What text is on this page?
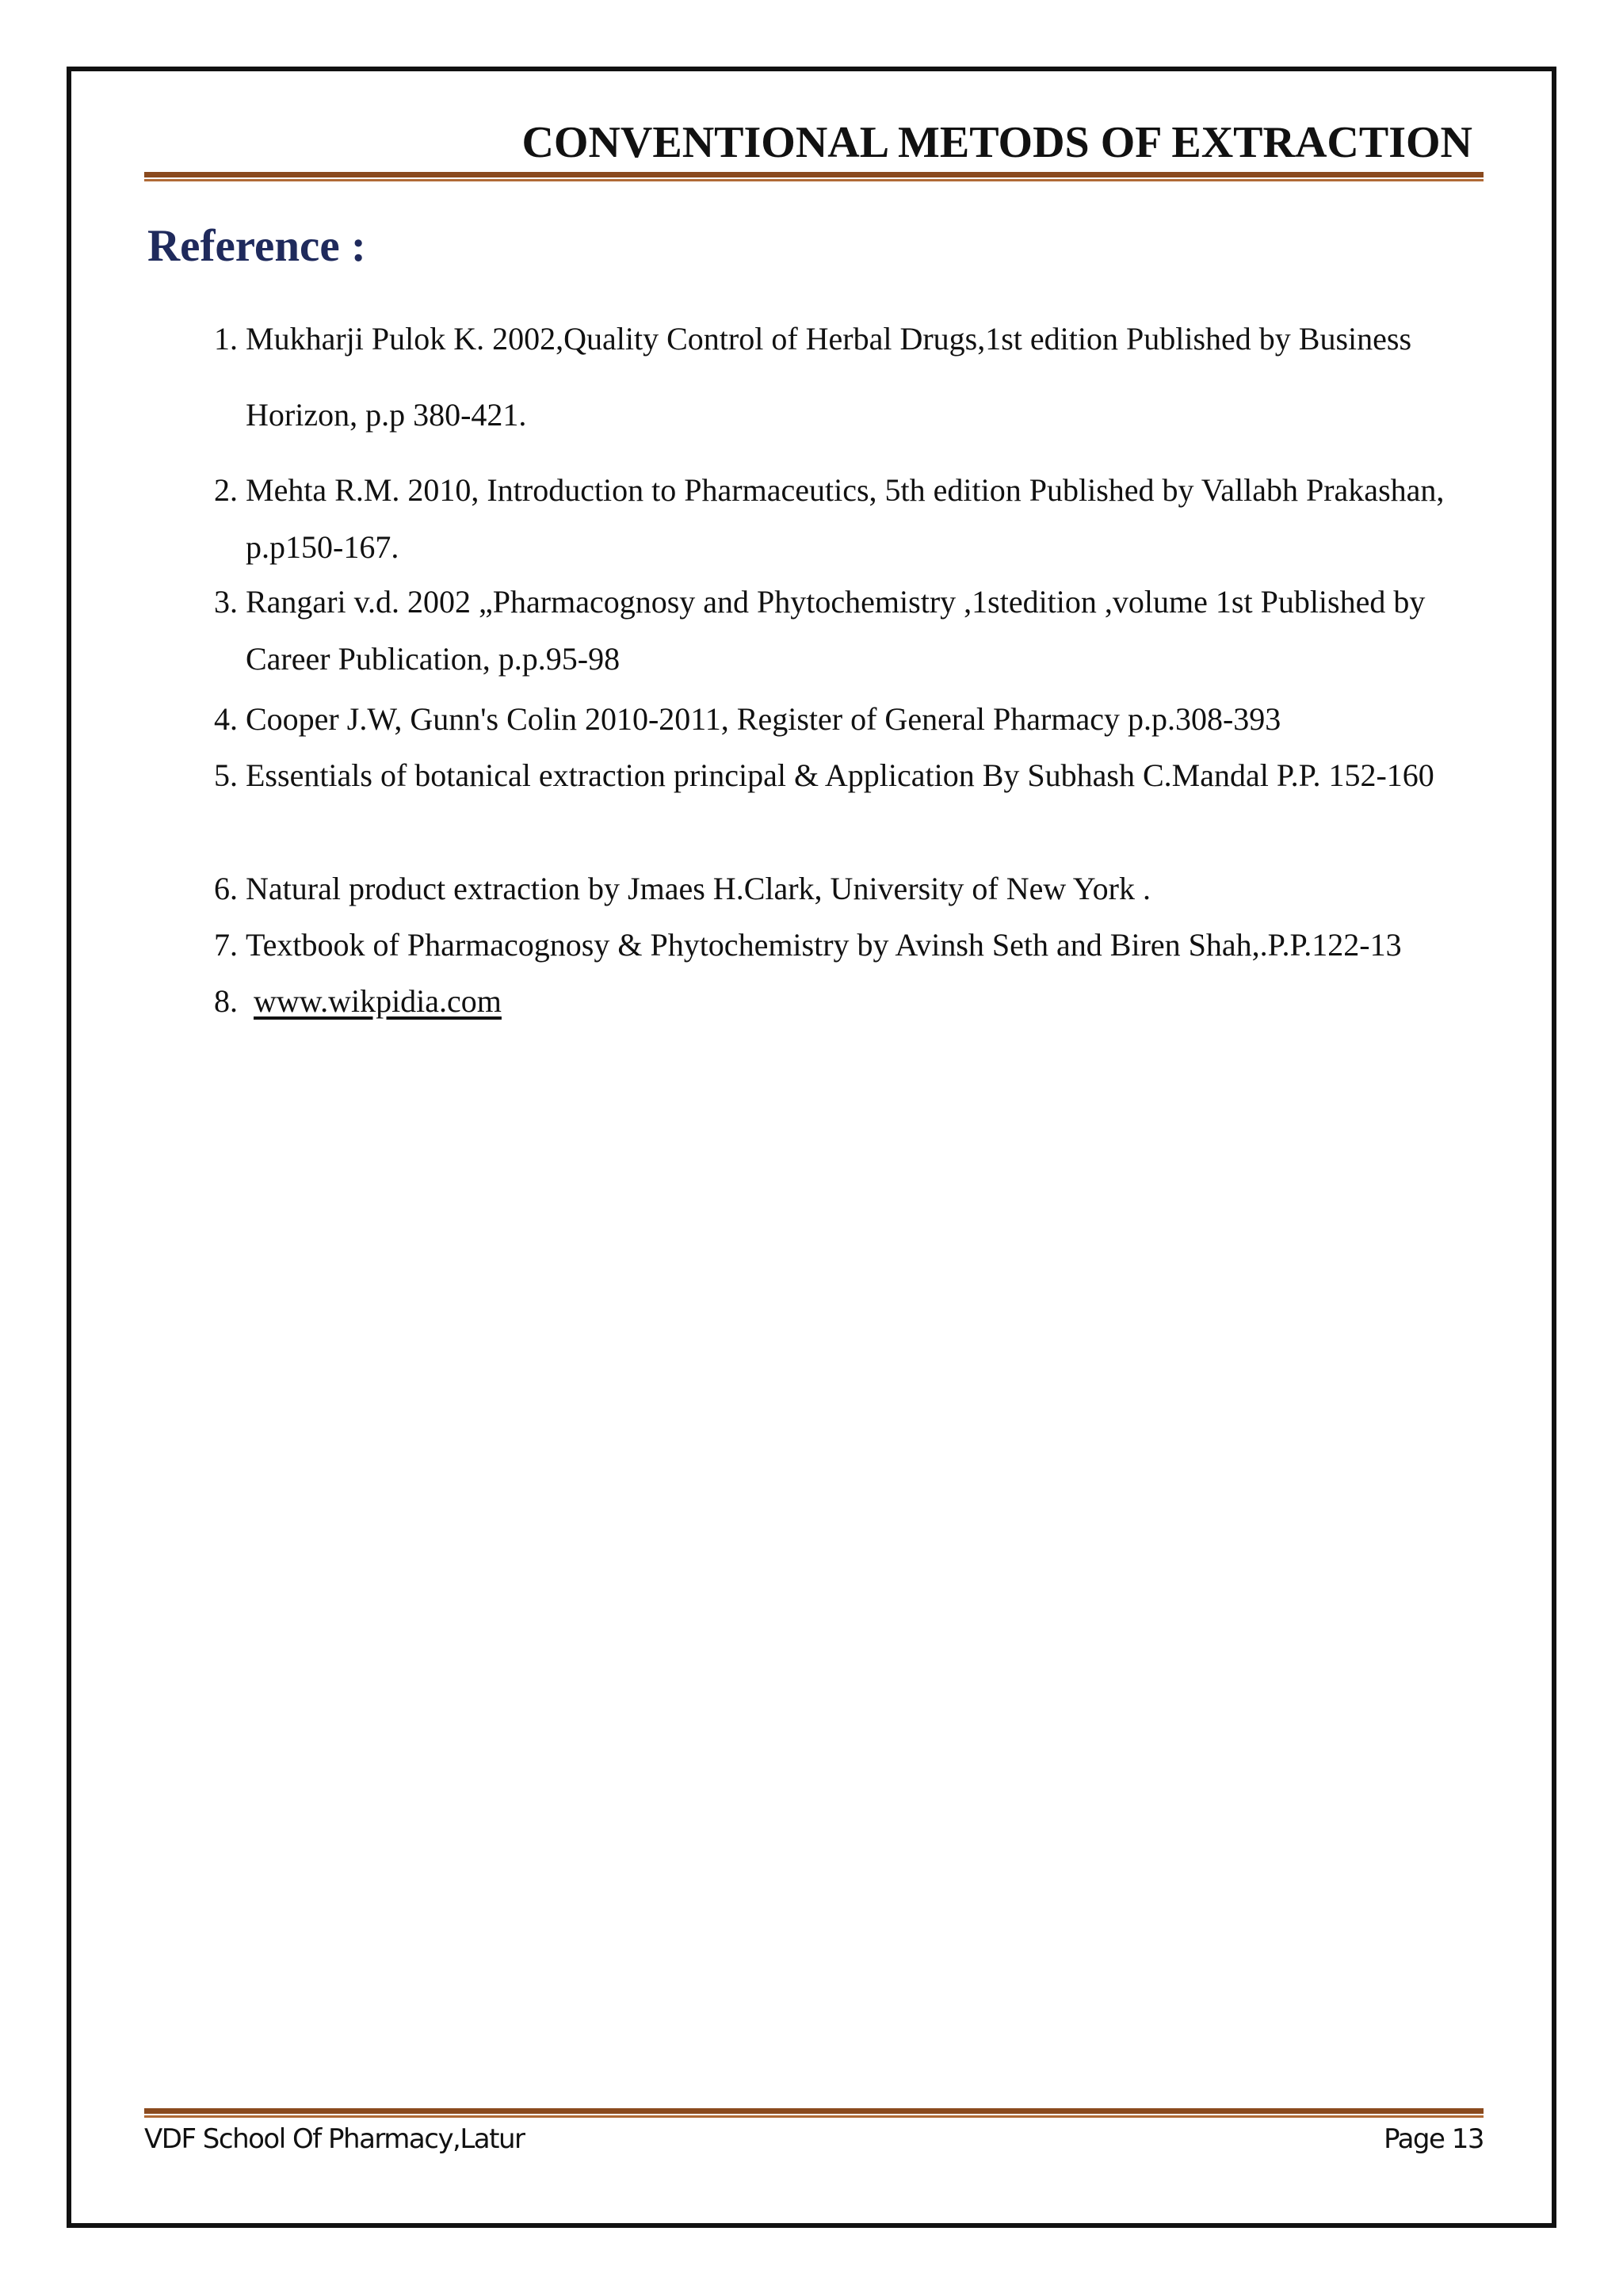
CONVENTIONAL METODS OF EXTRACTION
Reference :
1. Mukharji Pulok K. 2002,Quality Control of Herbal Drugs,1st edition Published by Business Horizon, p.p 380-421.
2. Mehta R.M. 2010, Introduction to Pharmaceutics, 5th edition Published by Vallabh Prakashan, p.p150-167.
3. Rangari v.d. 2002 „Pharmacognosy and Phytochemistry ,1stedition ,volume 1st Published by Career Publication, p.p.95-98
4. Cooper J.W, Gunn's Colin 2010-2011, Register of General Pharmacy p.p.308-393
5. Essentials of botanical extraction principal & Application By Subhash C.Mandal P.P. 152-160
6. Natural product extraction by Jmaes H.Clark, University of New York .
7. Textbook of Pharmacognosy & Phytochemistry by Avinsh Seth and Biren Shah,.P.P.122-13
8. www.wikpidia.com
VDF School Of Pharmacy,Latur	Page 13
